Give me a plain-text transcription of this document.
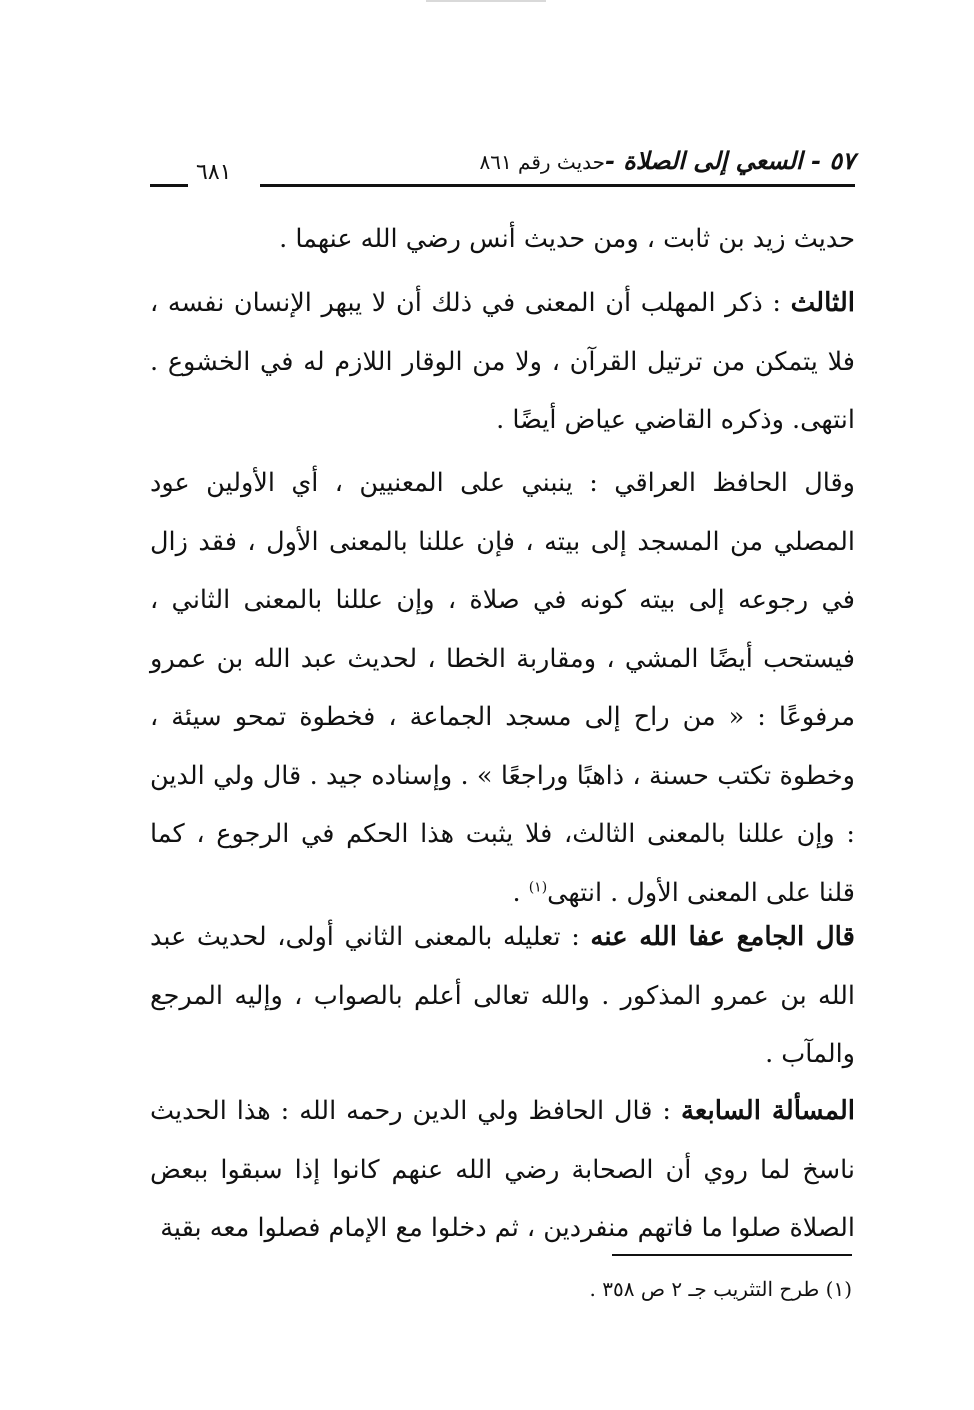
٥٧ - السعي إلى الصلاة -
حديث رقم ٨٦١
٦٨١

حديث زيد بن ثابت ، ومن حديث أنس رضي الله عنهما .

الثالث : ذكر المهلب أن المعنى في ذلك أن لا يبهر الإنسان نفسه ، فلا يتمكن من ترتيل القرآن ، ولا من الوقار اللازم له في الخشوع . انتهى. وذكره القاضي عياض أيضًا .

وقال الحافظ العراقي : ينبني على المعنيين ، أي الأولين عود المصلي من المسجد إلى بيته ، فإن عللنا بالمعنى الأول ، فقد زال في رجوعه إلى بيته كونه في صلاة ، وإن عللنا بالمعنى الثاني ، فيستحب أيضًا المشي ، ومقاربة الخطا ، لحديث عبد الله بن عمرو مرفوعًا : « من راح إلى مسجد الجماعة ، فخطوة تمحو سيئة ، وخطوة تكتب حسنة ، ذاهبًا وراجعًا » . وإسناده جيد . قال ولي الدين : وإن عللنا بالمعنى الثالث، فلا يثبت هذا الحكم في الرجوع ، كما قلنا على المعنى الأول . انتهى$^{(١)}$ .

قال الجامع عفا الله عنه : تعليله بالمعنى الثاني أولى، لحديث عبد الله بن عمرو المذكور . والله تعالى أعلم بالصواب ، وإليه المرجع والمآب .

المسألة السابعة : قال الحافظ ولي الدين رحمه الله : هذا الحديث ناسخ لما روي أن الصحابة رضي الله عنهم كانوا إذا سبقوا ببعض الصلاة صلوا ما فاتهم منفردين ، ثم دخلوا مع الإمام فصلوا معه بقية

(١) طرح التثريب جـ ٢ ص ٣٥٨ .
